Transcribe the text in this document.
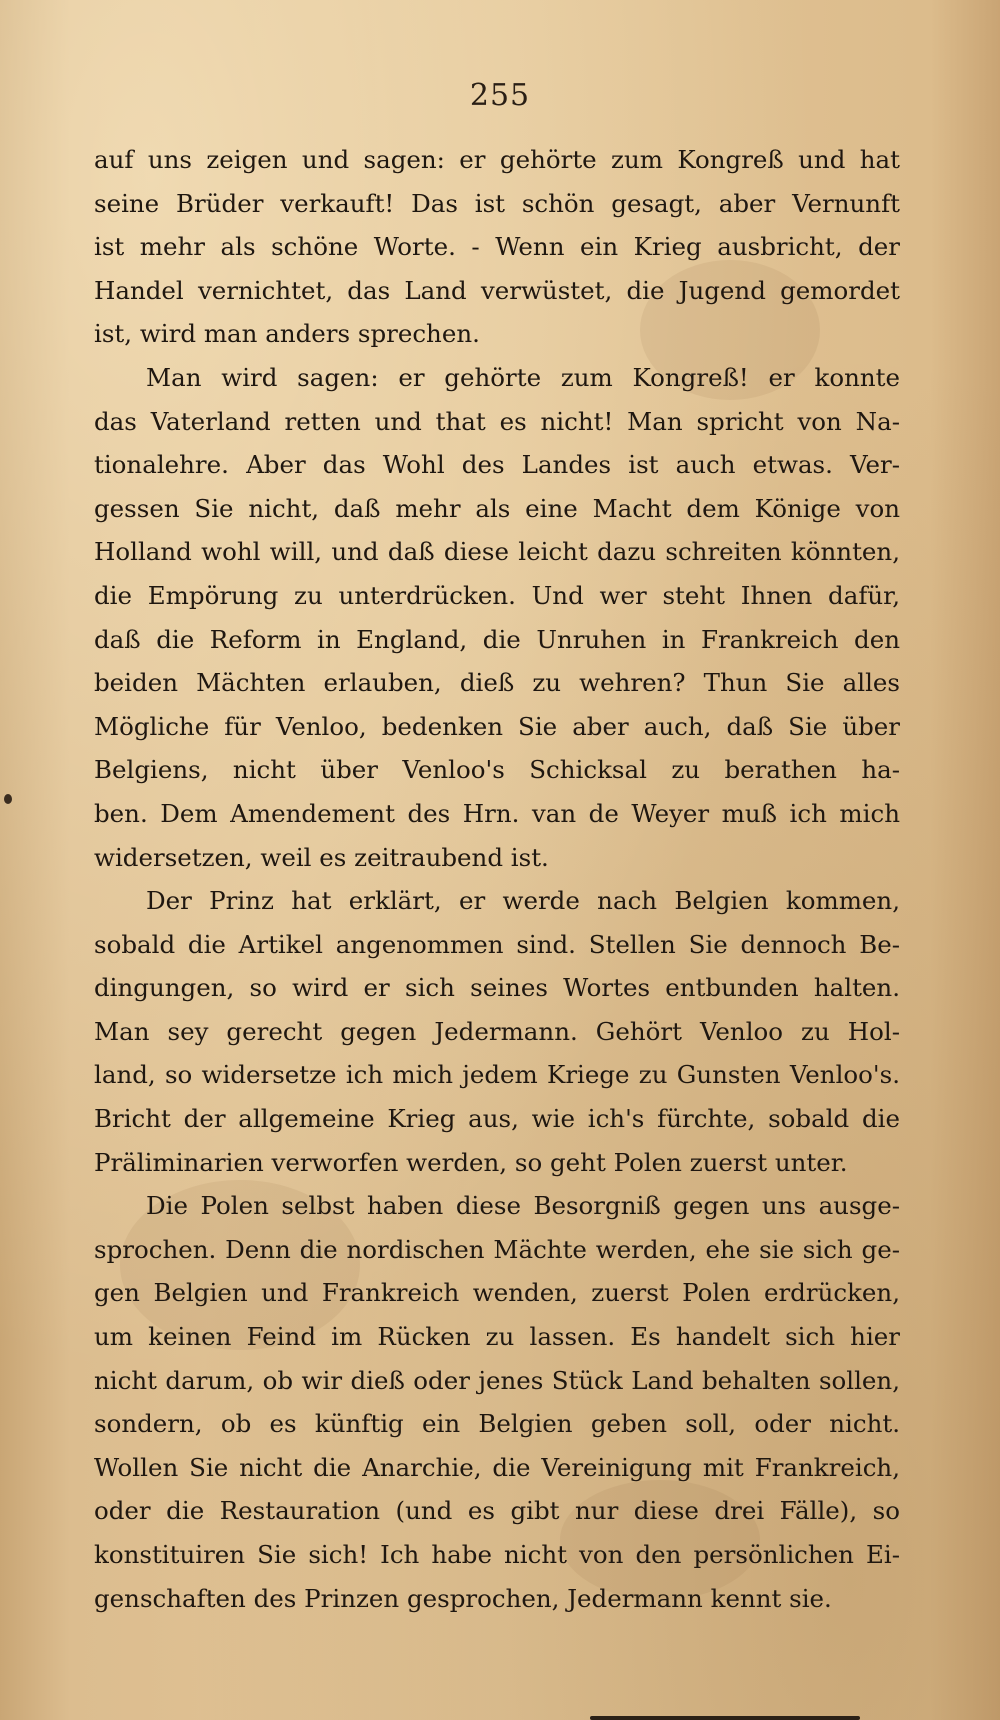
255
auf uns zeigen und sagen: er gehörte zum Kongreß und hat
seine Brüder verkauft! Das ist schön gesagt, aber Vernunft
ist mehr als schöne Worte. - Wenn ein Krieg ausbricht, der
Handel vernichtet, das Land verwüstet, die Jugend gemordet
ist, wird man anders sprechen.
Man wird sagen: er gehörte zum Kongreß! er konnte
das Vaterland retten und that es nicht! Man spricht von Na-
tionalehre. Aber das Wohl des Landes ist auch etwas. Ver-
gessen Sie nicht, daß mehr als eine Macht dem Könige von
Holland wohl will, und daß diese leicht dazu schreiten könnten,
die Empörung zu unterdrücken. Und wer steht Ihnen dafür,
daß die Reform in England, die Unruhen in Frankreich den
beiden Mächten erlauben, dieß zu wehren? Thun Sie alles
Mögliche für Venloo, bedenken Sie aber auch, daß Sie über
Belgiens, nicht über Venloo's Schicksal zu berathen ha-
ben. Dem Amendement des Hrn. van de Weyer muß ich mich
widersetzen, weil es zeitraubend ist.
Der Prinz hat erklärt, er werde nach Belgien kommen,
sobald die Artikel angenommen sind. Stellen Sie dennoch Be-
dingungen, so wird er sich seines Wortes entbunden halten.
Man sey gerecht gegen Jedermann. Gehört Venloo zu Hol-
land, so widersetze ich mich jedem Kriege zu Gunsten Venloo's.
Bricht der allgemeine Krieg aus, wie ich's fürchte, sobald die
Präliminarien verworfen werden, so geht Polen zuerst unter.
Die Polen selbst haben diese Besorgniß gegen uns ausge-
sprochen. Denn die nordischen Mächte werden, ehe sie sich ge-
gen Belgien und Frankreich wenden, zuerst Polen erdrücken,
um keinen Feind im Rücken zu lassen. Es handelt sich hier
nicht darum, ob wir dieß oder jenes Stück Land behalten sollen,
sondern, ob es künftig ein Belgien geben soll, oder nicht.
Wollen Sie nicht die Anarchie, die Vereinigung mit Frankreich,
oder die Restauration (und es gibt nur diese drei Fälle), so
konstituiren Sie sich! Ich habe nicht von den persönlichen Ei-
genschaften des Prinzen gesprochen, Jedermann kennt sie.
